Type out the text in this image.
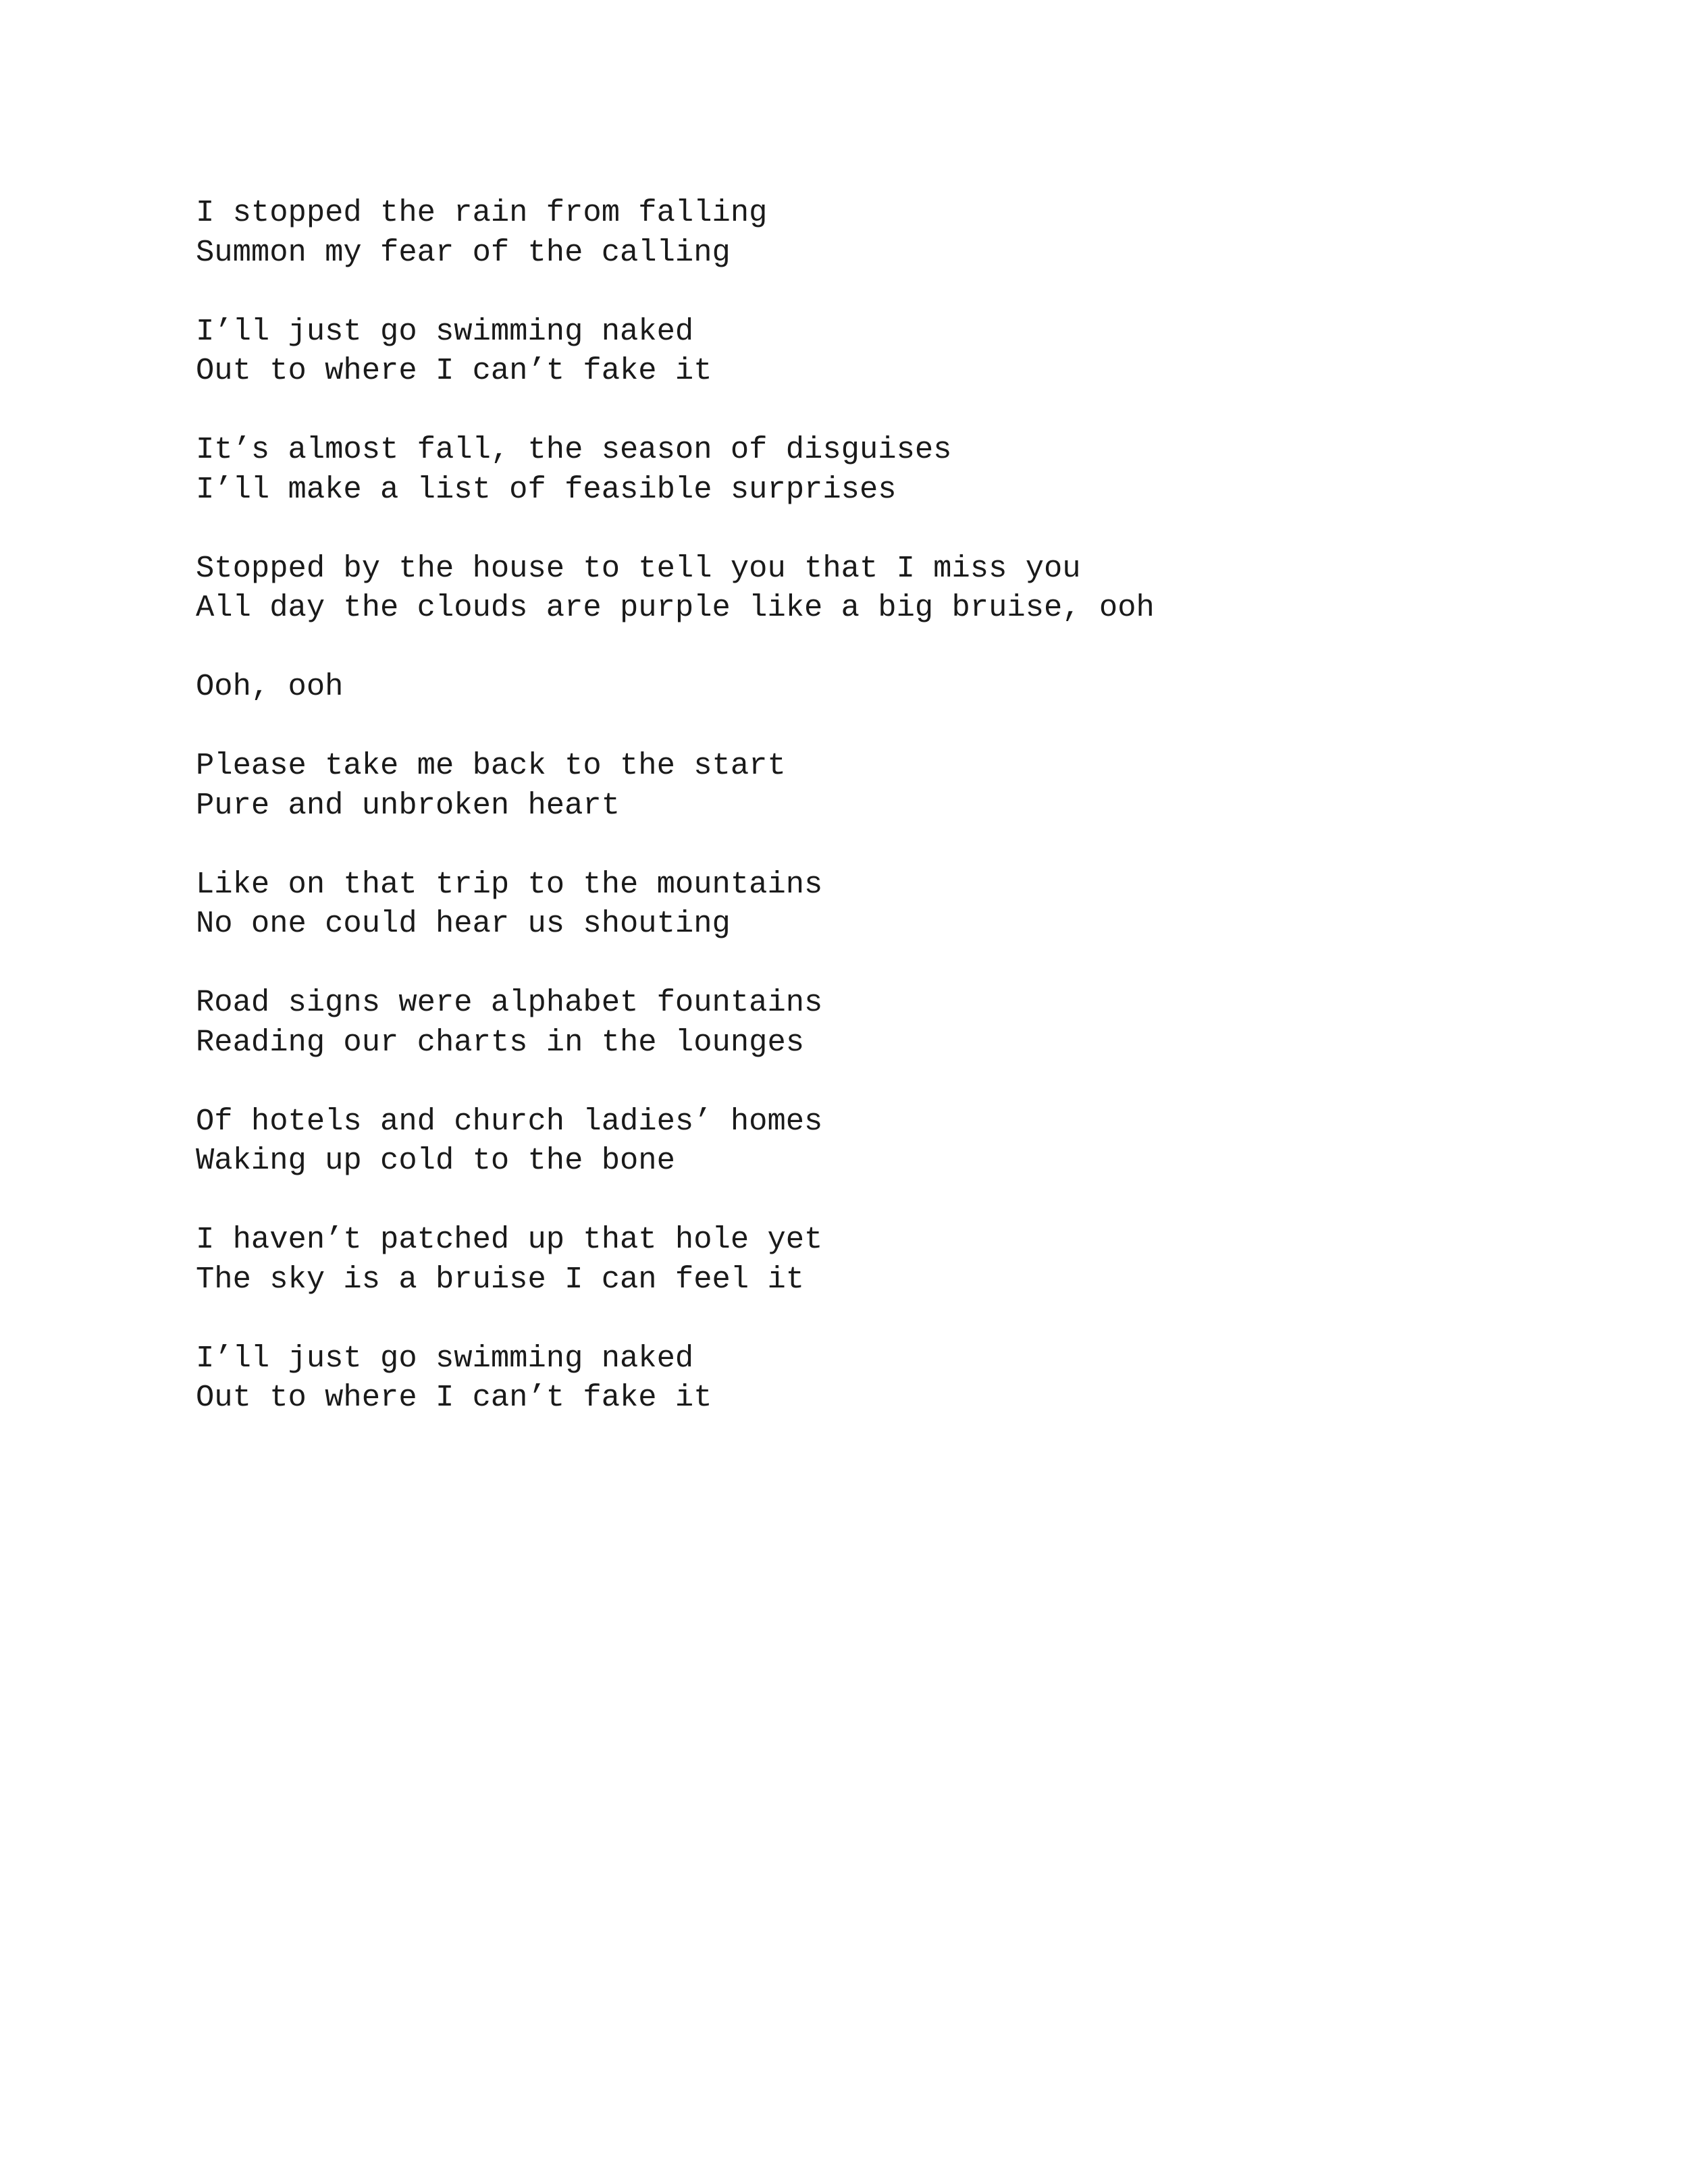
I stopped the rain from falling
Summon my fear of the calling
I’ll just go swimming naked
Out to where I can’t fake it
It’s almost fall, the season of disguises
I’ll make a list of feasible surprises
Stopped by the house to tell you that I miss you
All day the clouds are purple like a big bruise, ooh
Ooh, ooh
Please take me back to the start
Pure and unbroken heart
Like on that trip to the mountains
No one could hear us shouting
Road signs were alphabet fountains
Reading our charts in the lounges
Of hotels and church ladies’ homes
Waking up cold to the bone
I haven’t patched up that hole yet
The sky is a bruise I can feel it
I’ll just go swimming naked
Out to where I can’t fake it
